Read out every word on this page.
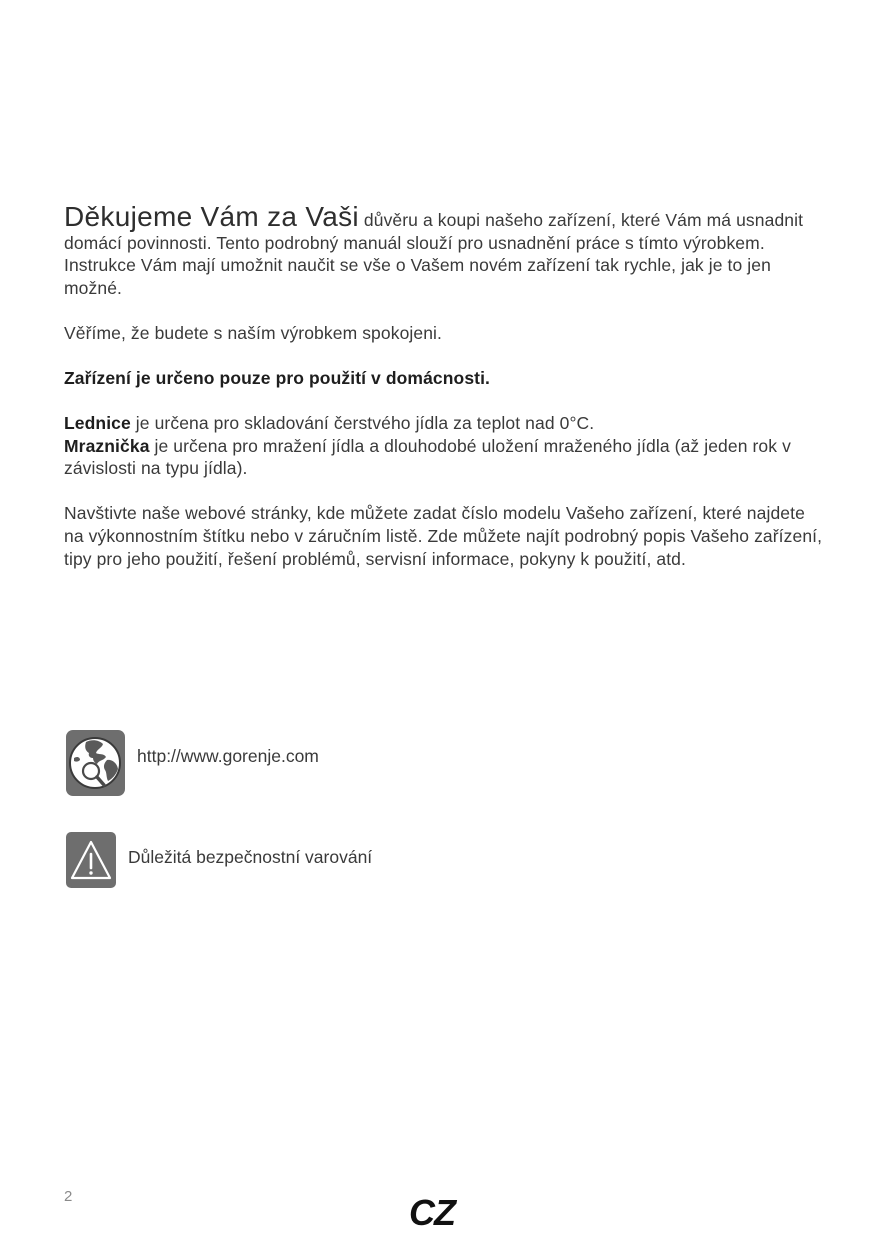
Děkujeme Vám za Vaši důvěru a koupi našeho zařízení, které Vám má usnadnit domácí povinnosti. Tento podrobný manuál slouží pro usnadnění práce s tímto výrobkem. Instrukce Vám mají umožnit naučit se vše o Vašem novém zařízení tak rychle, jak je to jen možné.

Věříme, že budete s naším výrobkem spokojeni.

Zařízení je určeno pouze pro použití v domácnosti.

Lednice je určena pro skladování čerstvého jídla za teplot nad 0°C.

Mraznička je určena pro mražení jídla a dlouhodobé uložení mraženého jídla (až jeden rok v závislosti na typu jídla).

Navštivte naše webové stránky, kde můžete zadat číslo modelu Vašeho zařízení, které najdete na výkonnostním štítku nebo v záručním listě. Zde můžete najít podrobný popis Vašeho zařízení, tipy pro jeho použití, řešení problémů, servisní informace, pokyny k použití, atd.

http://www.gorenje.com
Důležitá bezpečnostní varování
2	CZ
